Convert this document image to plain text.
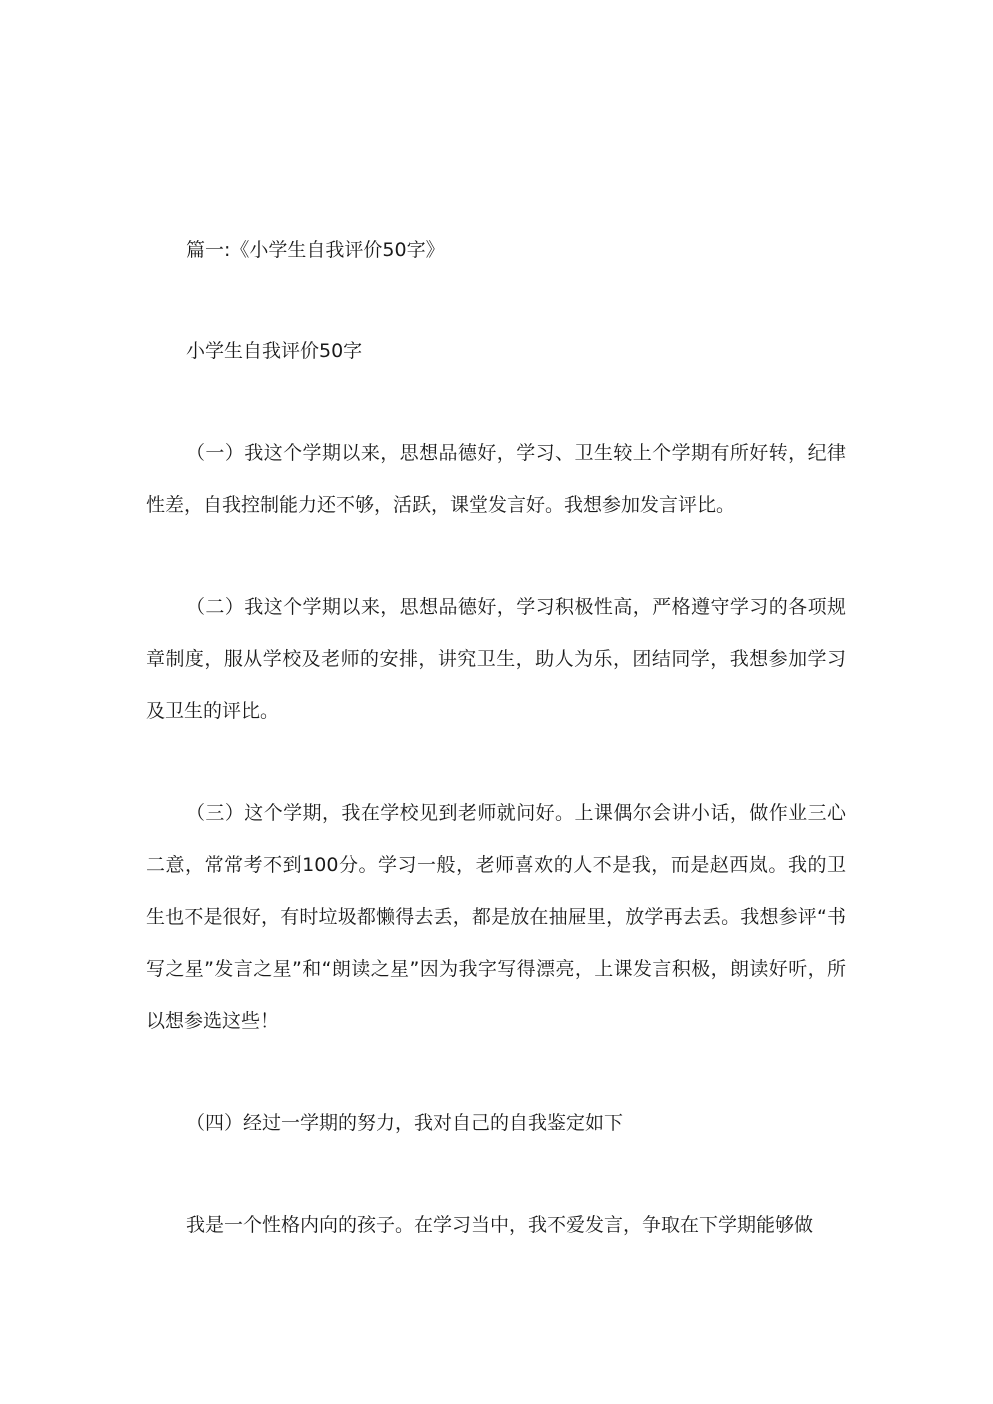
篇一:《小学生自我评价50字》

小学生自我评价50字

（一）我这个学期以来，思想品德好，学习、卫生较上个学期有所好转，纪律性差，自我控制能力还不够，活跃，课堂发言好。我想参加发言评比。

（二）我这个学期以来，思想品德好，学习积极性高，严格遵守学习的各项规章制度，服从学校及老师的安排，讲究卫生，助人为乐，团结同学，我想参加学习及卫生的评比。

（三）这个学期，我在学校见到老师就问好。上课偶尔会讲小话，做作业三心二意，常常考不到100分。学习一般，老师喜欢的人不是我，而是赵西岚。我的卫生也不是很好，有时垃圾都懒得去丢，都是放在抽屉里，放学再去丢。我想参评“书写之星”发言之星”和“朗读之星”因为我字写得漂亮，上课发言积极，朗读好听，所以想参选这些！

（四）经过一学期的努力，我对自己的自我鉴定如下

我是一个性格内向的孩子。在学习当中，我不爱发言，争取在下学期能够做
